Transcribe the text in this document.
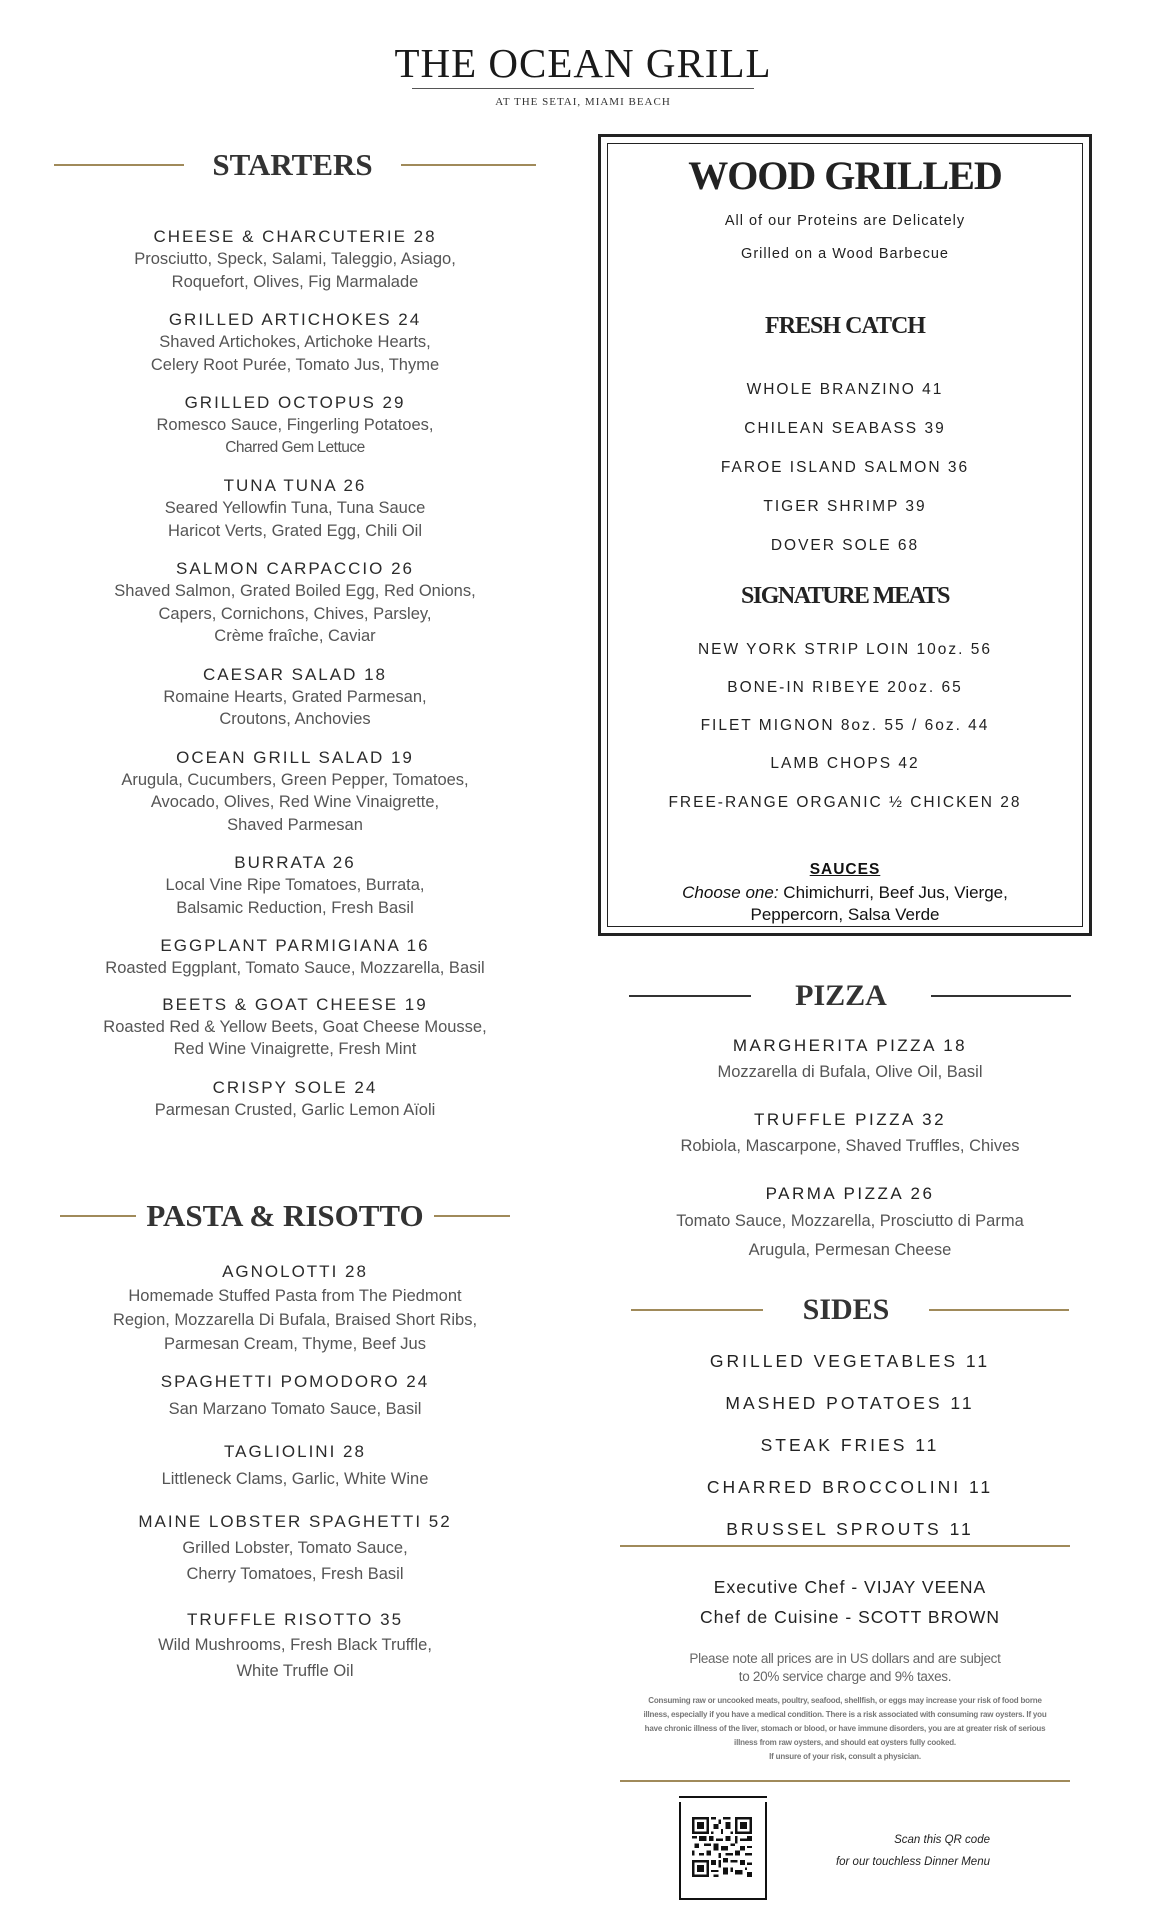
THE OCEAN GRILL
AT THE SETAI, MIAMI BEACH
STARTERS
CHEESE & CHARCUTERIE 28
Prosciutto, Speck, Salami, Taleggio, Asiago,
Roquefort, Olives, Fig Marmalade
GRILLED ARTICHOKES 24
Shaved Artichokes, Artichoke Hearts,
Celery Root Purée, Tomato Jus, Thyme
GRILLED OCTOPUS 29
Romesco Sauce, Fingerling Potatoes,
Charred Gem Lettuce
TUNA TUNA 26
Seared Yellowfin Tuna, Tuna Sauce
Haricot Verts, Grated Egg, Chili Oil
SALMON CARPACCIO 26
Shaved Salmon, Grated Boiled Egg, Red Onions,
Capers, Cornichons, Chives, Parsley,
Crème fraîche, Caviar
CAESAR SALAD 18
Romaine Hearts, Grated Parmesan,
Croutons, Anchovies
OCEAN GRILL SALAD 19
Arugula, Cucumbers, Green Pepper, Tomatoes,
Avocado, Olives, Red Wine Vinaigrette,
Shaved Parmesan
BURRATA 26
Local Vine Ripe Tomatoes, Burrata,
Balsamic Reduction, Fresh Basil
EGGPLANT PARMIGIANA 16
Roasted Eggplant, Tomato Sauce, Mozzarella, Basil
BEETS & GOAT CHEESE 19
Roasted Red & Yellow Beets, Goat Cheese Mousse,
Red Wine Vinaigrette, Fresh Mint
CRISPY SOLE 24
Parmesan Crusted, Garlic Lemon Aïoli
PASTA & RISOTTO
AGNOLOTTI 28
Homemade Stuffed Pasta from The Piedmont
Region, Mozzarella Di Bufala, Braised Short Ribs,
Parmesan Cream, Thyme, Beef Jus
SPAGHETTI POMODORO 24
San Marzano Tomato Sauce, Basil
TAGLIOLINI 28
Littleneck Clams, Garlic, White Wine
MAINE LOBSTER SPAGHETTI 52
Grilled Lobster, Tomato Sauce,
Cherry Tomatoes, Fresh Basil
TRUFFLE RISOTTO 35
Wild Mushrooms, Fresh Black Truffle,
White Truffle Oil
WOOD GRILLED
All of our Proteins are Delicately
Grilled on a Wood Barbecue
FRESH CATCH
WHOLE BRANZINO 41
CHILEAN SEABASS 39
FAROE ISLAND SALMON 36
TIGER SHRIMP 39
DOVER SOLE 68
SIGNATURE MEATS
NEW YORK STRIP LOIN 10oz. 56
BONE-IN RIBEYE 20oz. 65
FILET MIGNON 8oz. 55 / 6oz. 44
LAMB CHOPS 42
FREE-RANGE ORGANIC ½ CHICKEN 28
SAUCES
Choose one: Chimichurri, Beef Jus, Vierge,
Peppercorn, Salsa Verde
PIZZA
MARGHERITA PIZZA 18
Mozzarella di Bufala, Olive Oil, Basil
TRUFFLE PIZZA 32
Robiola, Mascarpone, Shaved Truffles, Chives
PARMA PIZZA 26
Tomato Sauce, Mozzarella, Prosciutto di Parma
Arugula, Permesan Cheese
SIDES
GRILLED VEGETABLES 11
MASHED POTATOES 11
STEAK FRIES 11
CHARRED BROCCOLINI 11
BRUSSEL SPROUTS 11
Executive Chef - VIJAY VEENA
Chef de Cuisine - SCOTT BROWN
Please note all prices are in US dollars and are subject
to 20% service charge and 9% taxes.
Consuming raw or uncooked meats, poultry, seafood, shellfish, or eggs may increase your risk of food borne
illness, especially if you have a medical condition. There is a risk associated with consuming raw oysters. If you
have chronic illness of the liver, stomach or blood, or have immune disorders, you are at greater risk of serious
illness from raw oysters, and should eat oysters fully cooked.
If unsure of your risk, consult a physician.
Scan this QR code
for our touchless Dinner Menu
